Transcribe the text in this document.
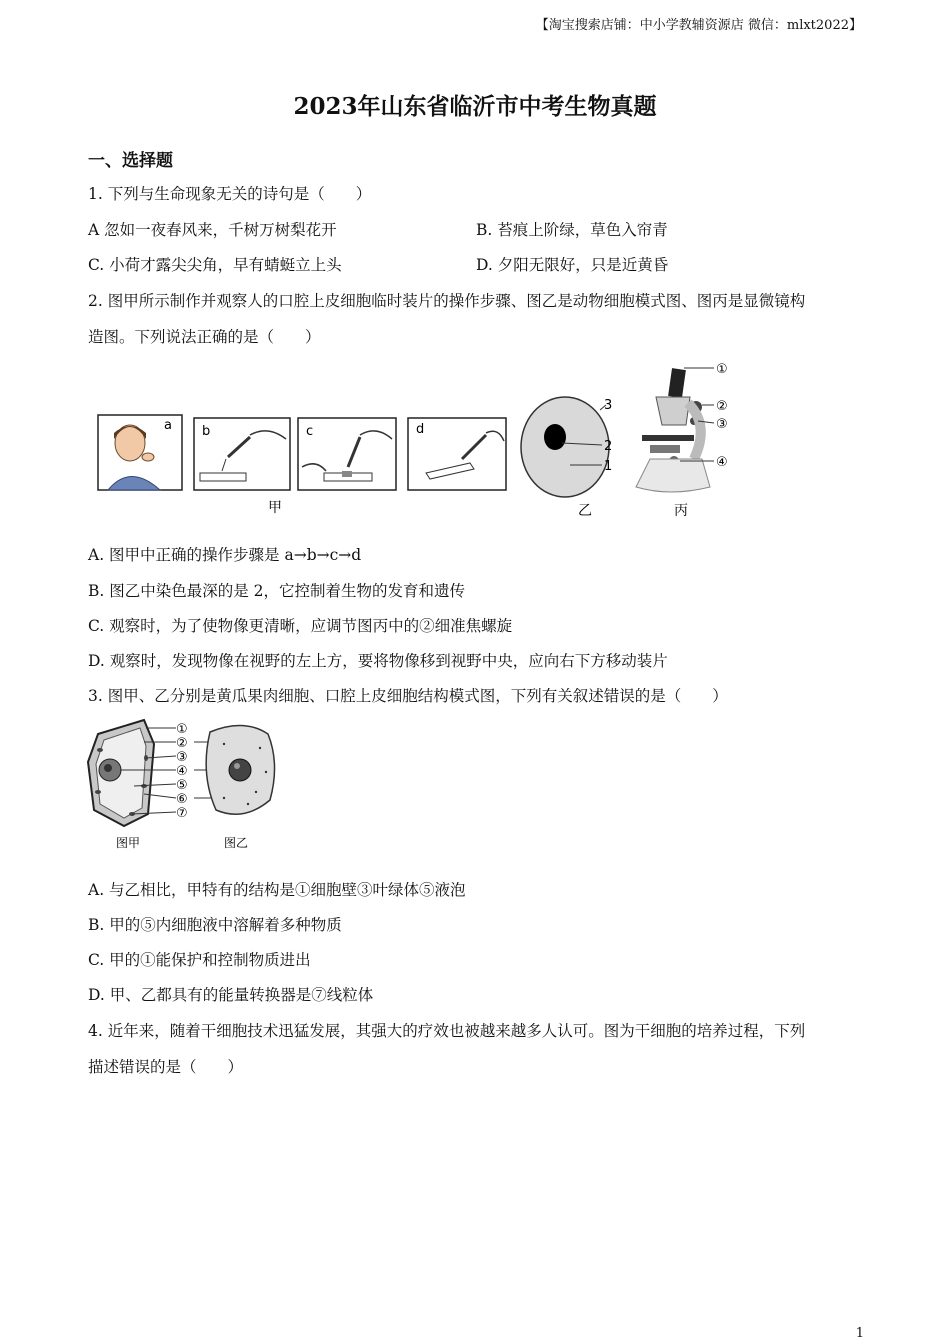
【淘宝搜索店铺：中小学教辅资源店 微信：mlxt2022】
2023年山东省临沂市中考生物真题
一、选择题
1. 下列与生命现象无关的诗句是（　　）
A 忽如一夜春风来，千树万树梨花开	B. 苔痕上阶绿，草色入帘青
C. 小荷才露尖尖角，早有蜻蜓立上头	D. 夕阳无限好，只是近黄昏
2. 图甲所示制作并观察人的口腔上皮细胞临时装片的操作步骤、图乙是动物细胞模式图、图丙是显微镜构
造图。下列说法正确的是（　　）
a b	c	d
甲
3
2
1
乙
①
②
③
④
丙
A. 图甲中正确的操作步骤是 a→b→c→d
B. 图乙中染色最深的是 2，它控制着生物的发育和遗传
C. 观察时，为了使物像更清晰，应调节图丙中的②细准焦螺旋
D. 观察时，发现物像在视野的左上方，要将物像移到视野中央，应向右下方移动装片
3. 图甲、乙分别是黄瓜果肉细胞、口腔上皮细胞结构模式图，下列有关叙述错误的是（　　）
①
②
③
④
⑤
⑥
⑦
图甲	图乙
A. 与乙相比，甲特有的结构是①细胞壁③叶绿体⑤液泡
B. 甲的⑤内细胞液中溶解着多种物质
C. 甲的①能保护和控制物质进出
D. 甲、乙都具有的能量转换器是⑦线粒体
4. 近年来，随着干细胞技术迅猛发展，其强大的疗效也被越来越多人认可。图为干细胞的培养过程，下列
描述错误的是（　　）
1
